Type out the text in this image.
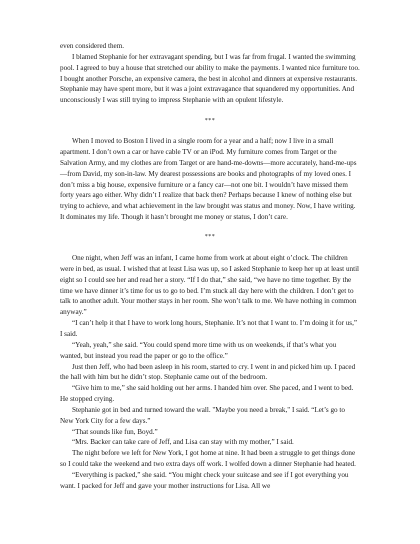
even considered them.

I blamed Stephanie for her extravagant spending, but I was far from frugal. I wanted the swimming pool. I agreed to buy a house that stretched our ability to make the payments. I wanted nice furniture too. I bought another Porsche, an expensive camera, the best in alcohol and dinners at expensive restaurants. Stephanie may have spent more, but it was a joint extravagance that squandered my opportunities. And unconsciously I was still trying to impress Stephanie with an opulent lifestyle.

***

When I moved to Boston I lived in a single room for a year and a half; now I live in a small apartment. I don’t own a car or have cable TV or an iPod. My furniture comes from Target or the Salvation Army, and my clothes are from Target or are hand-me-downs—more accurately, hand-me-ups—from David, my son-in-law. My dearest possessions are books and photographs of my loved ones. I don’t miss a big house, expensive furniture or a fancy car—not one bit. I wouldn’t have missed them forty years ago either. Why didn’t I realize that back then? Perhaps because I knew of nothing else but trying to achieve, and what achievement in the law brought was status and money. Now, I have writing. It dominates my life. Though it hasn’t brought me money or status, I don’t care.

***

One night, when Jeff was an infant, I came home from work at about eight o’clock. The children were in bed, as usual. I wished that at least Lisa was up, so I asked Stephanie to keep her up at least until eight so I could see her and read her a story. “If I do that,” she said, “we have no time together. By the time we have dinner it’s time for us to go to bed. I’m stuck all day here with the children. I don’t get to talk to another adult. Your mother stays in her room. She won’t talk to me. We have nothing in common anyway.”

“I can’t help it that I have to work long hours, Stephanie. It’s not that I want to. I’m doing it for us,” I said.

“Yeah, yeah,” she said. “You could spend more time with us on weekends, if that’s what you wanted, but instead you read the paper or go to the office.”

Just then Jeff, who had been asleep in his room, started to cry. I went in and picked him up. I paced the hall with him but he didn’t stop. Stephanie came out of the bedroom.

“Give him to me,” she said holding out her arms. I handed him over. She paced, and I went to bed. He stopped crying.

Stephanie got in bed and turned toward the wall. "Maybe you need a break," I said. “Let’s go to New York City for a few days.”

“That sounds like fun, Boyd.”

“Mrs. Backer can take care of Jeff, and Lisa can stay with my mother,” I said.

The night before we left for New York, I got home at nine. It had been a struggle to get things done so I could take the weekend and two extra days off work. I wolfed down a dinner Stephanie had heated.

“Everything is packed,” she said. “You might check your suitcase and see if I got everything you want. I packed for Jeff and gave your mother instructions for Lisa. All we
